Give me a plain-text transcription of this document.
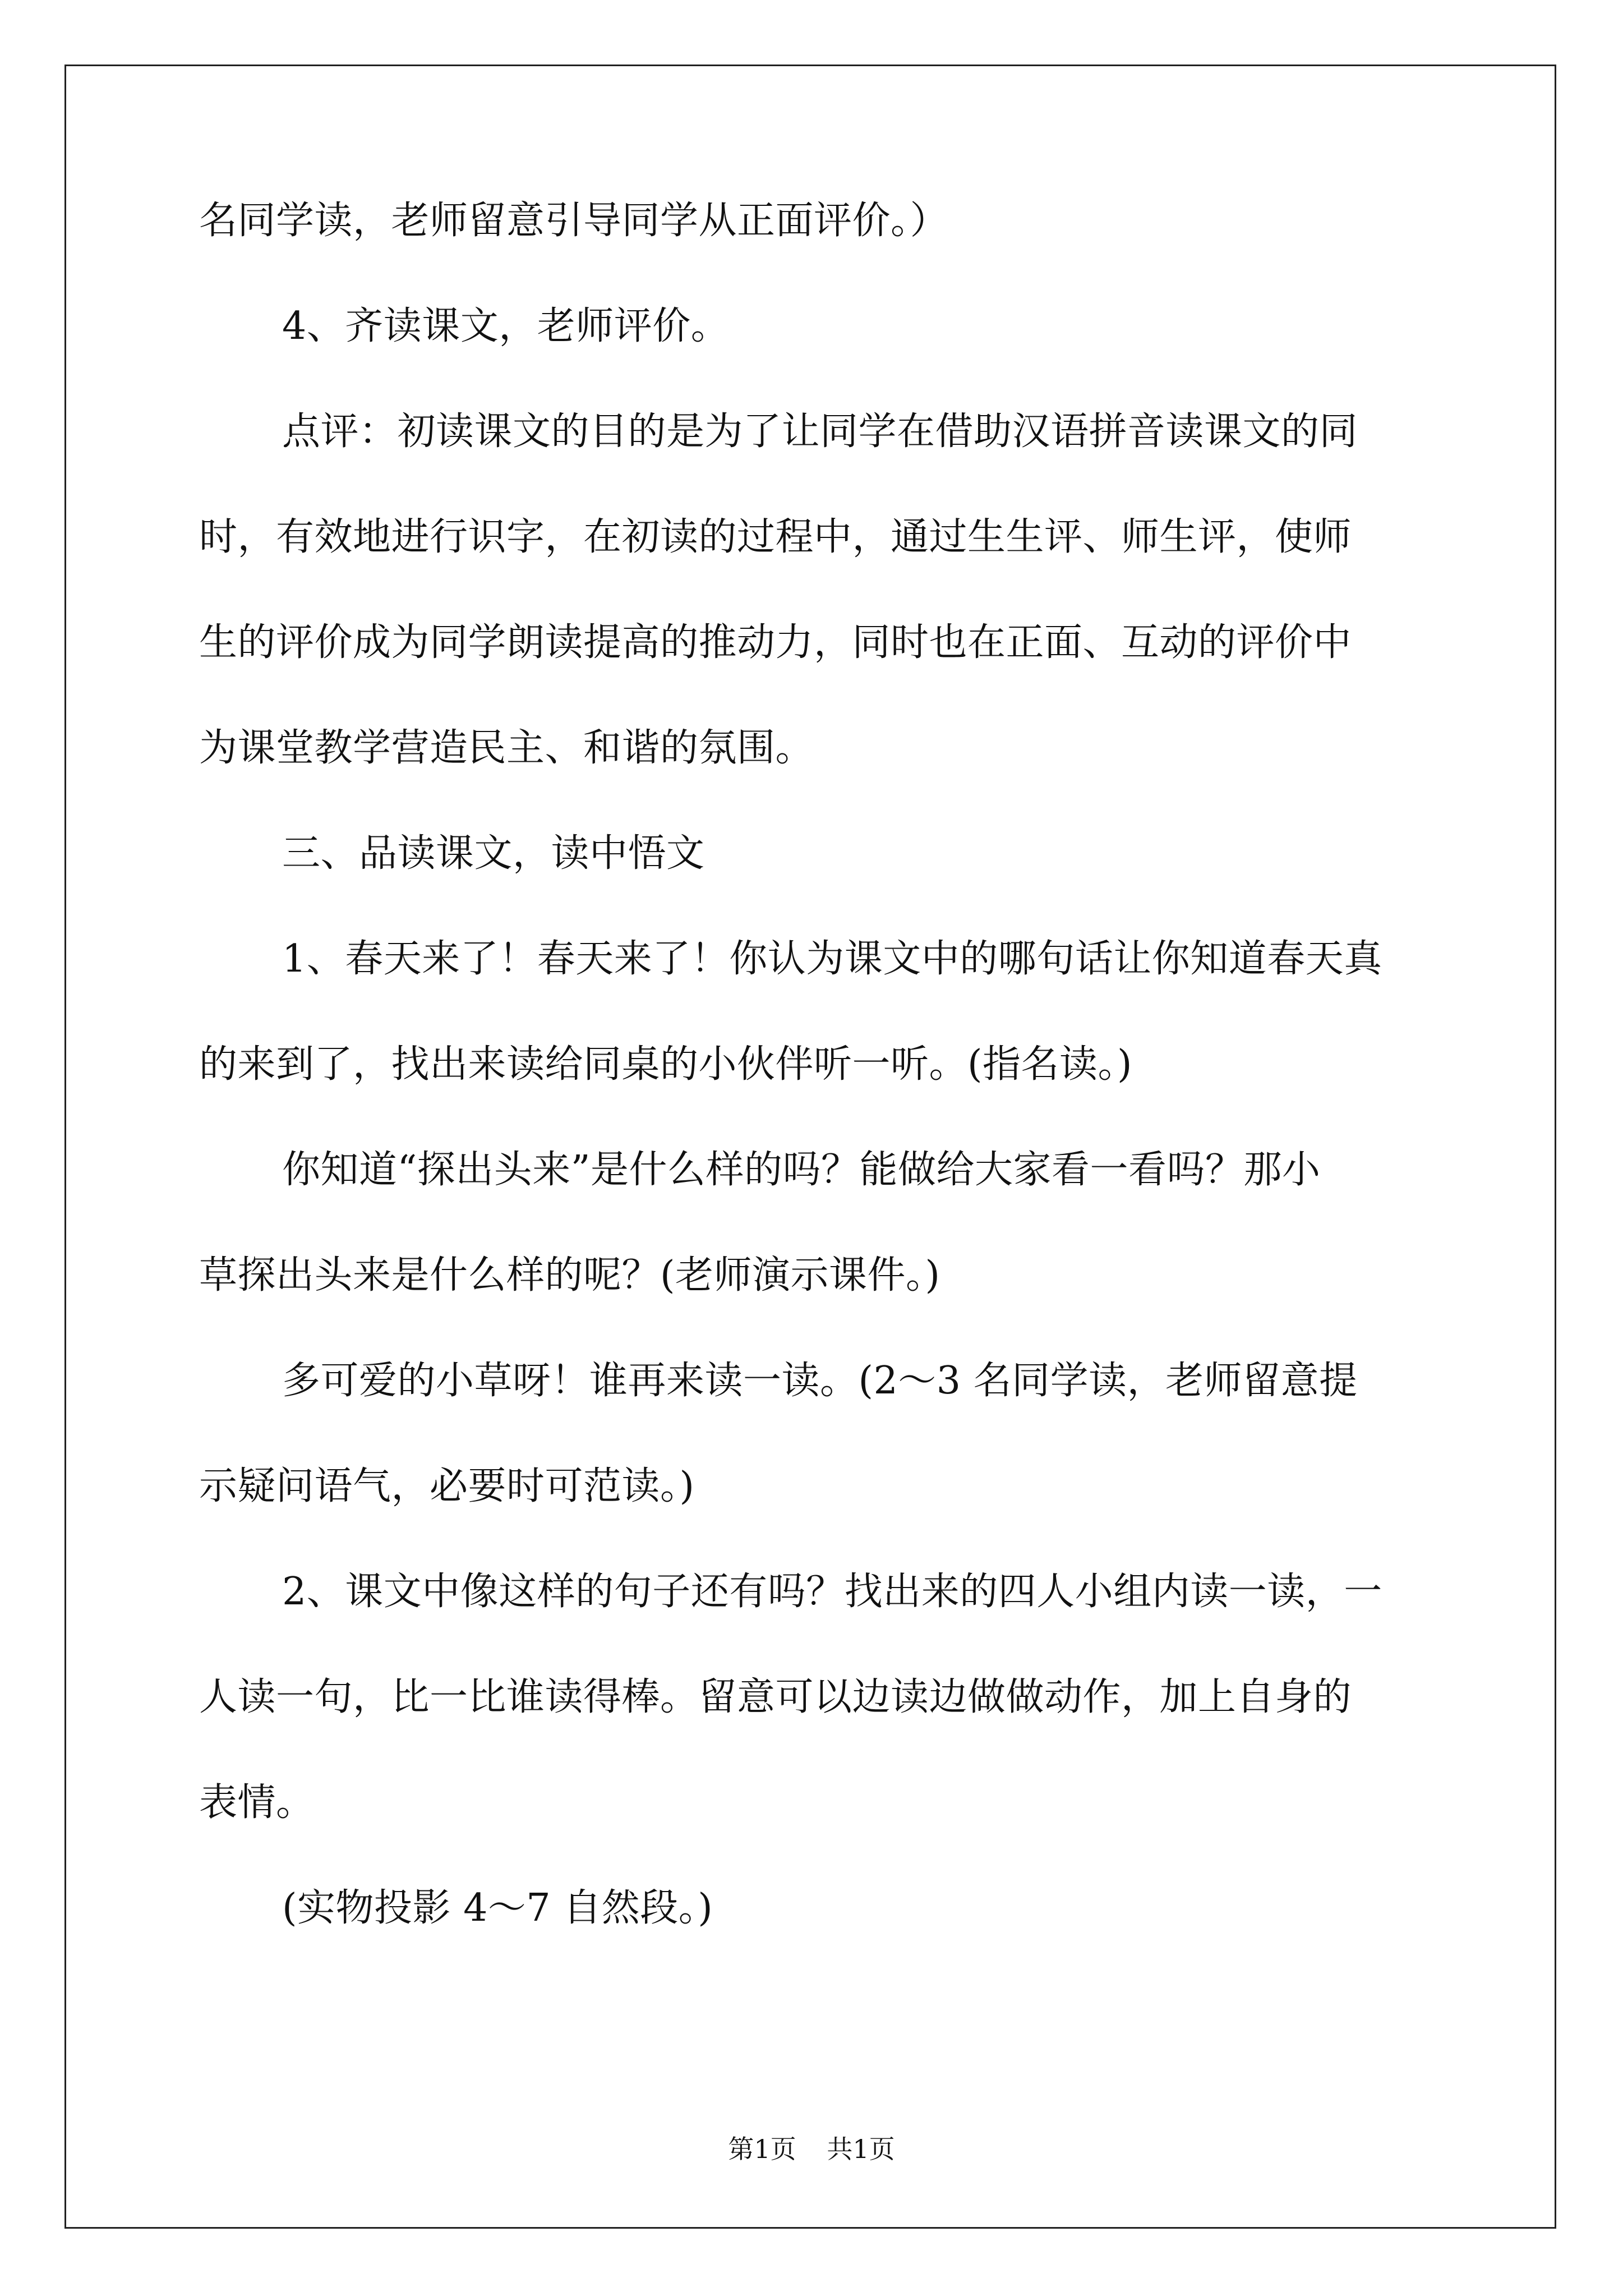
名同学读，老师留意引导同学从正面评价。）

4、齐读课文，老师评价。

点评：初读课文的目的是为了让同学在借助汉语拼音读课文的同

时，有效地进行识字，在初读的过程中，通过生生评、师生评，使师

生的评价成为同学朗读提高的推动力，同时也在正面、互动的评价中

为课堂教学营造民主、和谐的氛围。

三、品读课文，读中悟文

1、春天来了！春天来了！你认为课文中的哪句话让你知道春天真

的来到了，找出来读给同桌的小伙伴听一听。(指名读。)

你知道“探出头来”是什么样的吗？能做给大家看一看吗？那小

草探出头来是什么样的呢？(老师演示课件。)

多可爱的小草呀！谁再来读一读。(2～3 名同学读，老师留意提

示疑问语气，必要时可范读。)

2、课文中像这样的句子还有吗？找出来的四人小组内读一读，一

人读一句，比一比谁读得棒。留意可以边读边做做动作，加上自身的

表情。

(实物投影 4～7 自然段。)

第1页 共1页
